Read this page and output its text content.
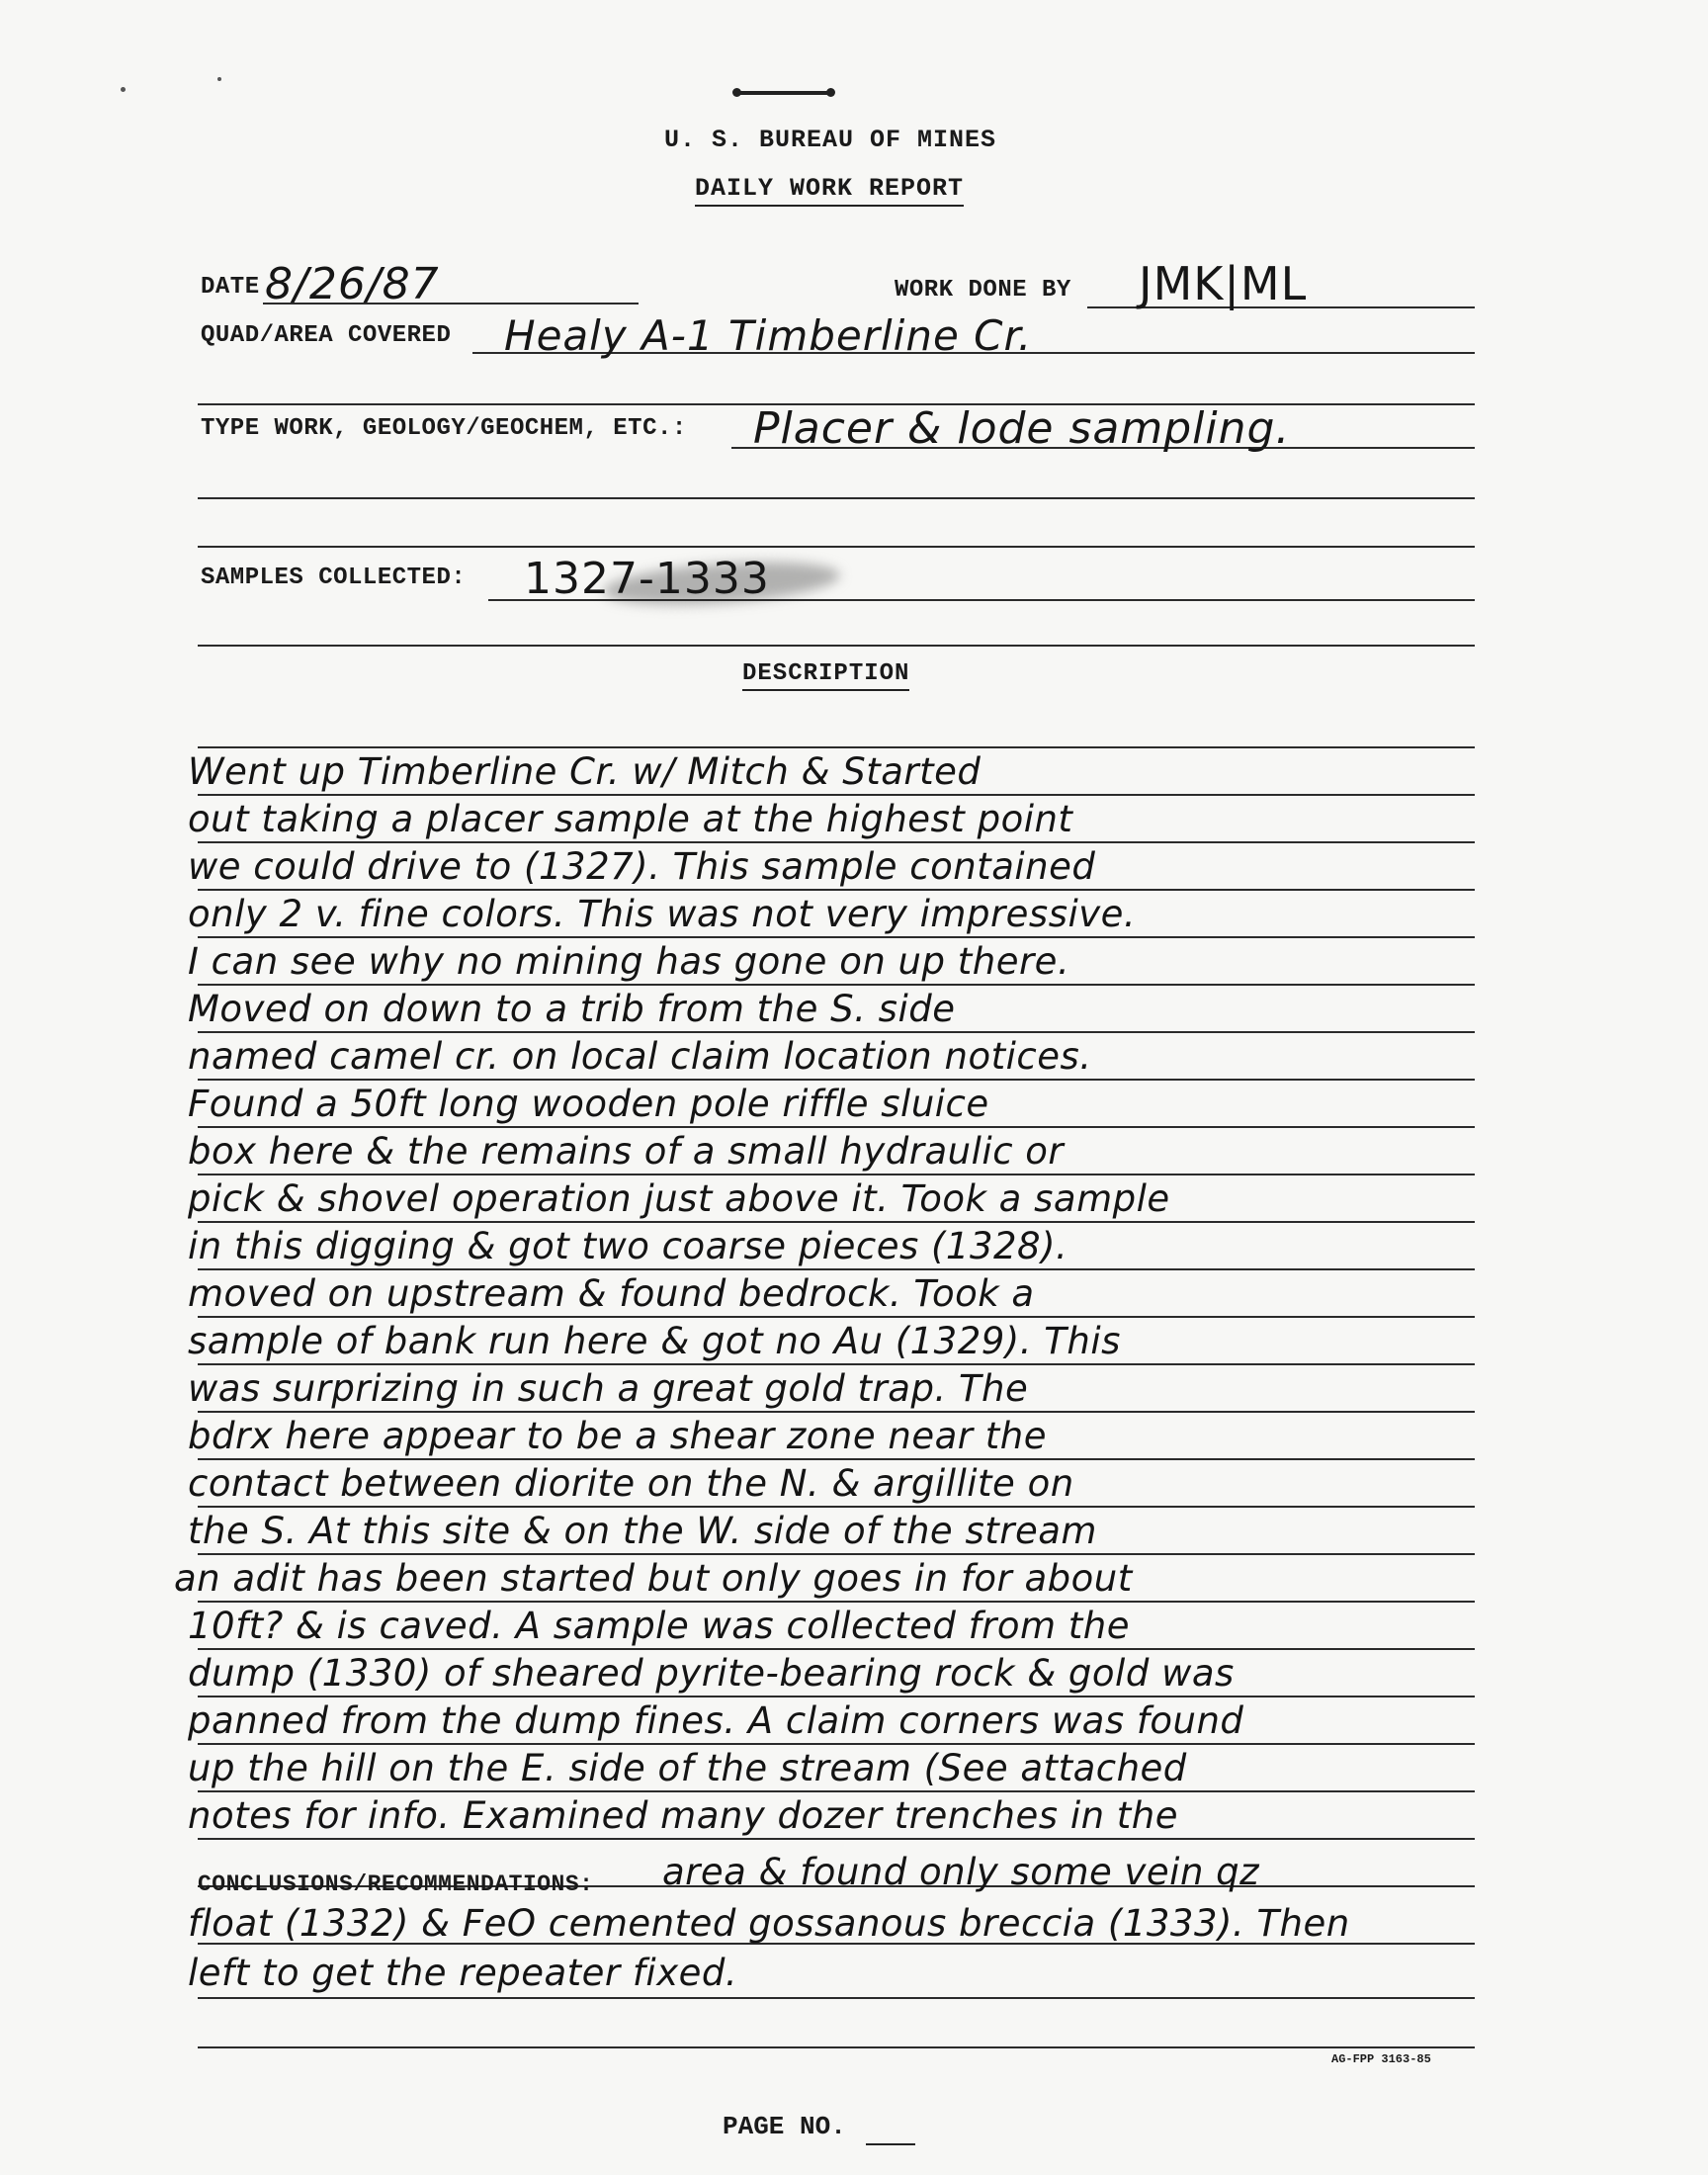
U. S. BUREAU OF MINES
DAILY WORK REPORT
DATE 8/26/87	WORK DONE BY JMK|ML
QUAD/AREA COVERED Healy A-1 Timberline Cr.
TYPE WORK, GEOLOGY/GEOCHEM, ETC.: Placer & lode sampling.
SAMPLES COLLECTED: 1327-1333
DESCRIPTION
Went up Timberline Cr. w/ Mitch & Started
out taking a placer sample at the highest point
we could drive to (1327). This sample contained
only 2 v. fine colors. This was not very impressive.
I can see why no mining has gone on up there.
Moved on down to a trib from the S. side
named camel cr. on local claim location notices.
Found a 50ft long wooden pole riffle sluice
box here & the remains of a small hydraulic or
pick & shovel operation just above it. Took a sample
in this digging & got two coarse pieces (1328).
moved on upstream & found bedrock. Took a
sample of bank run here & got no Au (1329). This
was surprizing in such a great gold trap. The
bdrx here appear to be a shear zone near the
contact between diorite on the N. & argillite on
the S. At this site & on the W. side of the stream
an adit has been started but only goes in for about
10ft? & is caved. A sample was collected from the
dump (1330) of sheared pyrite-bearing rock & gold was
panned from the dump fines. A claim corners was found
up the hill on the E. side of the stream (See attached
notes for info. Examined many dozer trenches in the
CONCLUSIONS/RECOMMENDATIONS: area & found only some vein qz
float (1332) & FeO cemented gossanous breccia (1333). Then
left to get the repeater fixed.
AG-FPP 3163-85
PAGE NO.
